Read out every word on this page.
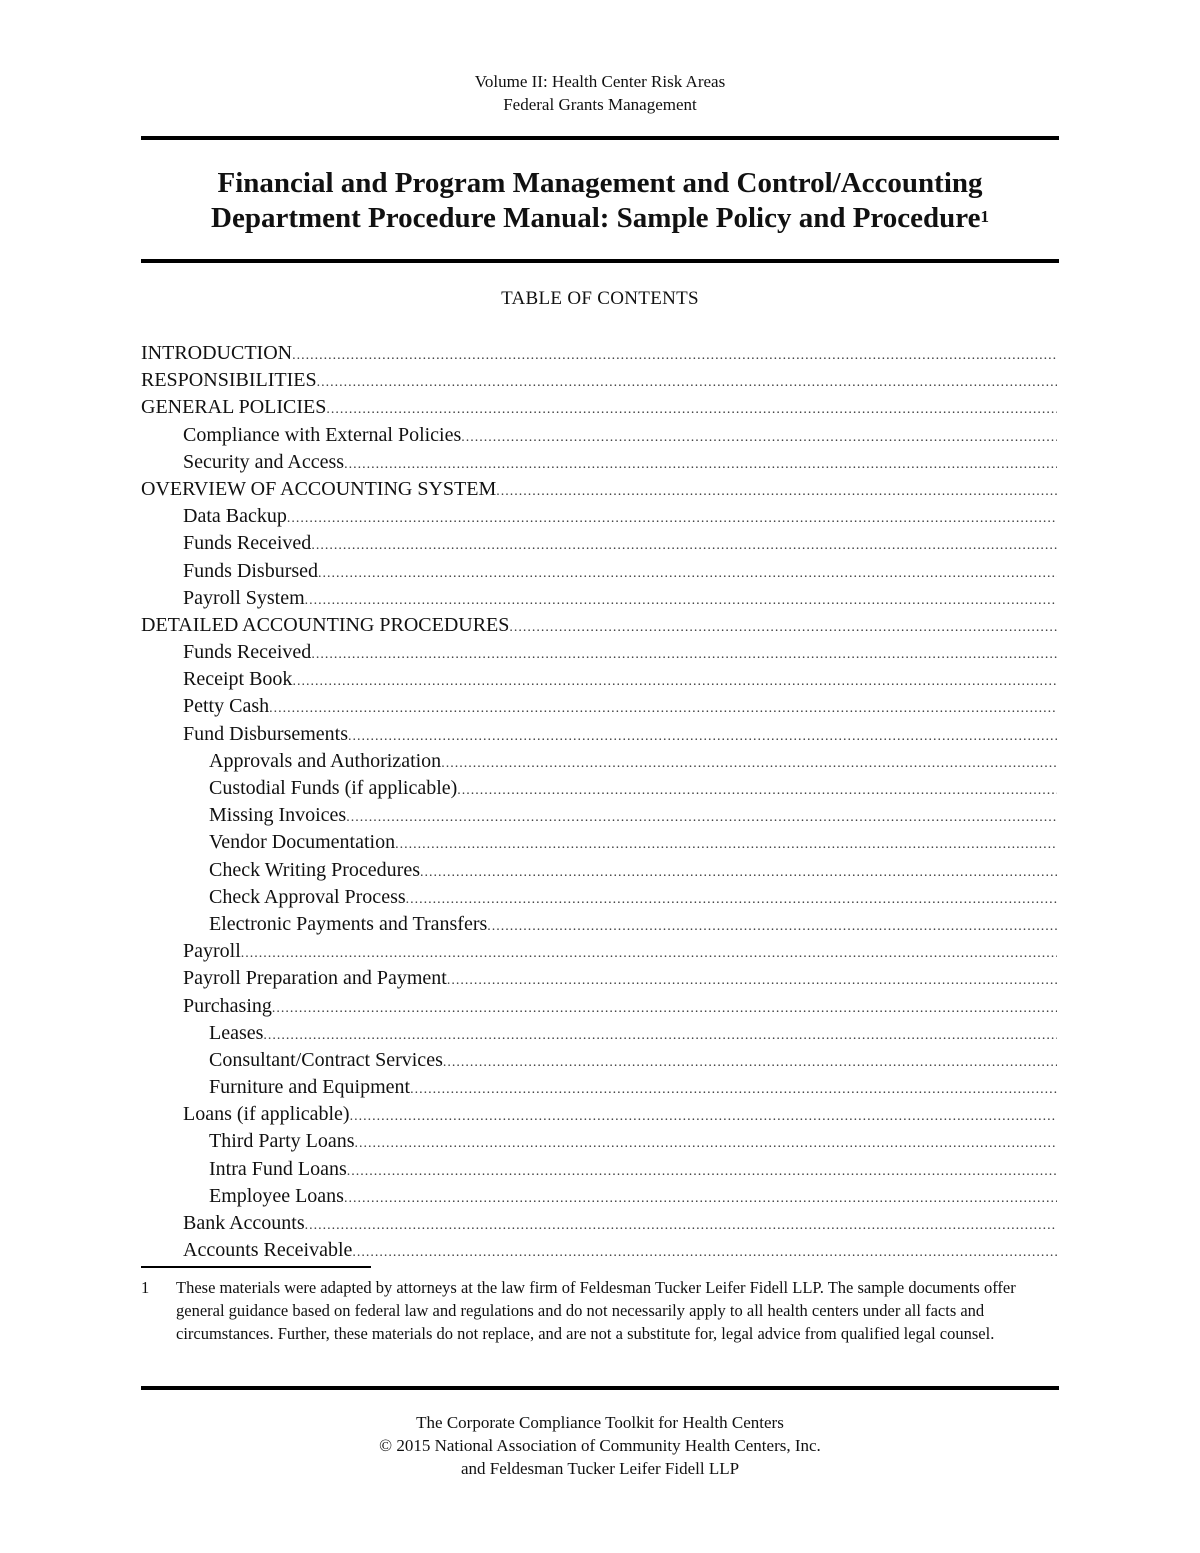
Volume II: Health Center Risk Areas
Federal Grants Management
Financial and Program Management and Control/Accounting
Department Procedure Manual: Sample Policy and Procedure$^1$
TABLE OF CONTENTS
INTRODUCTION
.....
RESPONSIBILITIES
.....
GENERAL POLICIES
.....
Compliance with External Policies
.....
Security and Access
.....
OVERVIEW OF ACCOUNTING SYSTEM
.....
Data Backup
.....
Funds Received
.....
Funds Disbursed
.....
Payroll System
.....
DETAILED ACCOUNTING PROCEDURES
.....
Funds Received
.....
Receipt Book
.....
Petty Cash
.....
Fund Disbursements
.....
Approvals and Authorization
.....
Custodial Funds (if applicable)
.....
Missing Invoices
.....
Vendor Documentation
.....
Check Writing Procedures
.....
Check Approval Process
.....
Electronic Payments and Transfers
.....
Payroll
.....
Payroll Preparation and Payment
.....
Purchasing
.....
Leases
.....
Consultant/Contract Services
.....
Furniture and Equipment
.....
Loans (if applicable)
.....
Third Party Loans
.....
Intra Fund Loans
.....
Employee Loans
.....
Bank Accounts
.....
Accounts Receivable
.....
1 These materials were adapted by attorneys at the law firm of Feldesman Tucker Leifer Fidell LLP. The sample documents offer general guidance based on federal law and regulations and do not necessarily apply to all health centers under all facts and circumstances. Further, these materials do not replace, and are not a substitute for, legal advice from qualified legal counsel.
The Corporate Compliance Toolkit for Health Centers
© 2015 National Association of Community Health Centers, Inc.
and Feldesman Tucker Leifer Fidell LLP
